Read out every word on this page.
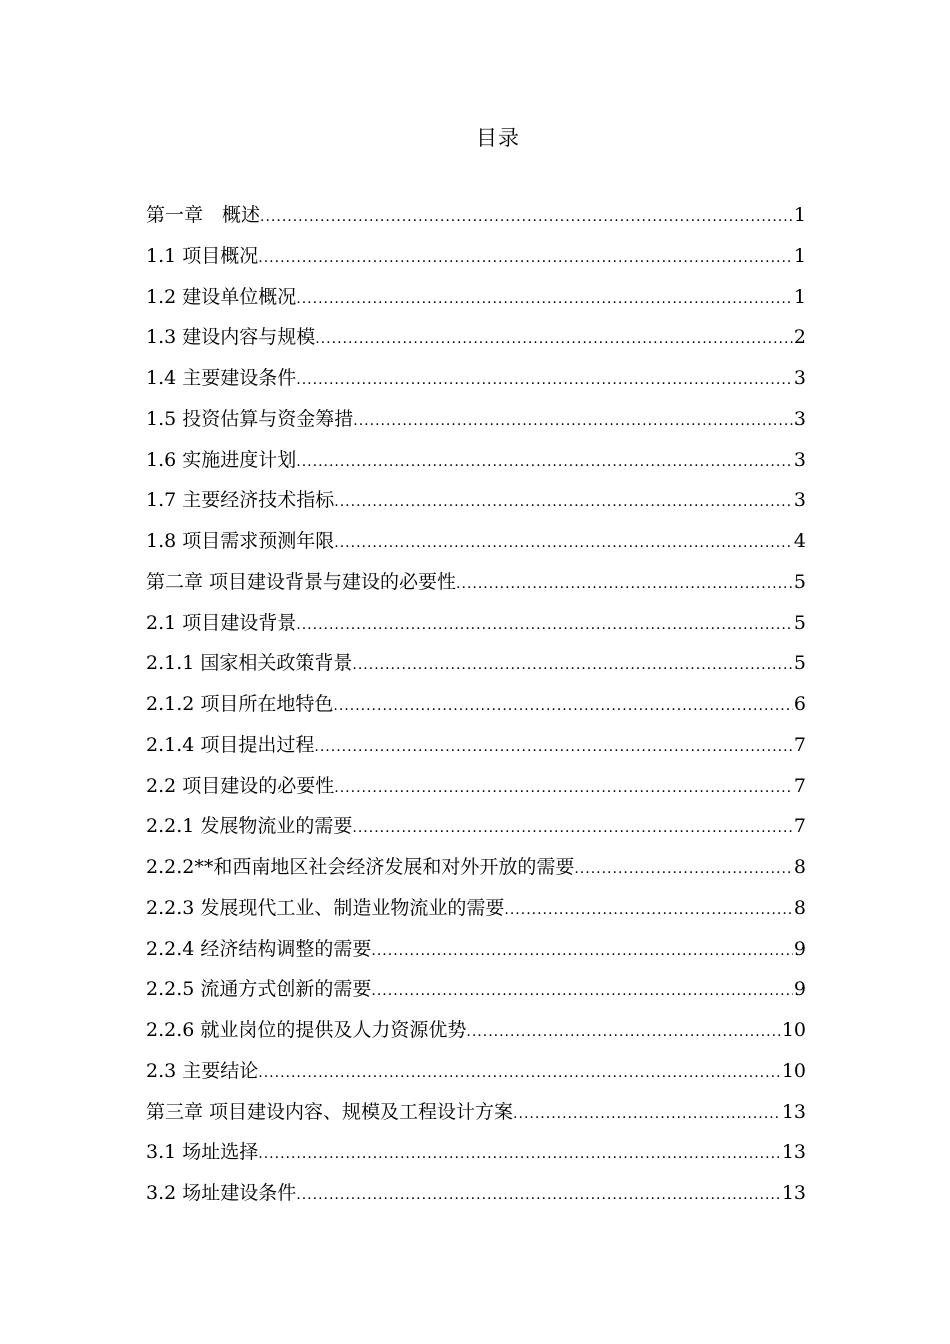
目录
第一章　概述 .....	1
1.1 项目概况 .....	1
1.2 建设单位概况 .....	1
1.3 建设内容与规模 .....	2
1.4 主要建设条件 .....	3
1.5 投资估算与资金筹措 .....	3
1.6 实施进度计划 .....	3
1.7 主要经济技术指标 .....	3
1.8 项目需求预测年限 .....	4
第二章 项目建设背景与建设的必要性 .....	5
2.1 项目建设背景 .....	5
2.1.1 国家相关政策背景 .....	5
2.1.2 项目所在地特色 .....	6
2.1.4 项目提出过程 .....	7
2.2 项目建设的必要性 .....	7
2.2.1 发展物流业的需要 .....	7
2.2.2**和西南地区社会经济发展和对外开放的需要 .....	8
2.2.3 发展现代工业、制造业物流业的需要 .....	8
2.2.4 经济结构调整的需要 .....	9
2.2.5 流通方式创新的需要 .....	9
2.2.6 就业岗位的提供及人力资源优势 .....	10
2.3 主要结论 .....	10
第三章 项目建设内容、规模及工程设计方案 .....	13
3.1 场址选择 .....	13
3.2 场址建设条件 .....	13
